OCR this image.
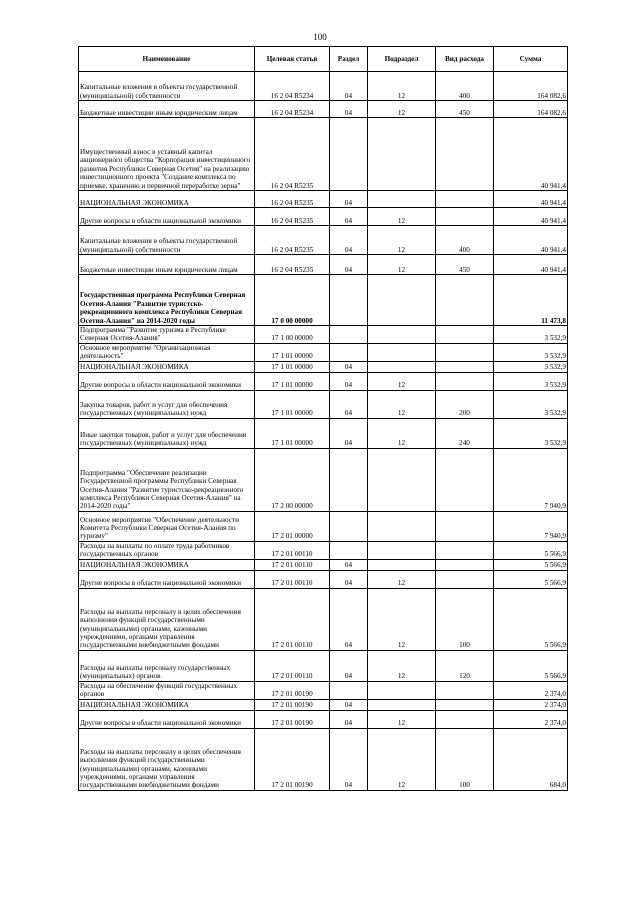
100
Наименование	Целевая статья	Раздел	Подраздел	Вид расхода	Сумма
Капитальные вложения в объекты государственной (муниципальной) собственности	16 2 04 R5234	04	12	400	164 082,6
Бюджетные инвестиции иным юридическим лицам	16 2 04 R5234	04	12	450	164 082,6
Имущественный взнос в уставный капитал акционерного общества "Корпорация инвестиционного развития Республики Северная Осетия" на реализацию инвестиционного проекта "Создание комплекса по приемке, хранению и первичной переработке зерна"	16 2 04 R5235				40 941,4
НАЦИОНАЛЬНАЯ ЭКОНОМИКА	16 2 04 R5235	04			40 941,4
Другие вопросы в области национальной экономики	16 2 04 R5235	04	12		40 941,4
Капитальные вложения в объекты государственной (муниципальной) собственности	16 2 04 R5235	04	12	400	40 941,4
Бюджетные инвестиции иным юридическим лицам	16 2 04 R5235	04	12	450	40 941,4
Государственная программа Республики Северная Осетия-Алания "Развитие туристско-рекреационного комплекса Республики Северная Осетия-Алания" на 2014-2020 годы	17 0 00 00000				11 473,8
Подпрограмма "Развитие туризма в Республике Северная Осетия-Алания"	17 1 00 00000				3 532,9
Основное мероприятие "Организационная деятельность"	17 1 01 00000				3 532,9
НАЦИОНАЛЬНАЯ ЭКОНОМИКА	17 1 01 00000	04			3 532,9
Другие вопросы в области национальной экономики	17 1 01 00000	04	12		3 532,9
Закупка товаров, работ и услуг для обеспечения государственных (муниципальных) нужд	17 1 01 00000	04	12	200	3 532,9
Иные закупки товаров, работ и услуг для обеспечения государственных (муниципальных) нужд	17 1 01 00000	04	12	240	3 532,9
Подпрограмма "Обеспечение реализации Государственной программы Республики Северная Осетия-Алания "Развитие туристско-рекреационного комплекса Республики Северная Осетия-Алания" на 2014-2020 годы"	17 2 00 00000				7 940,9
Основное мероприятие "Обеспечение деятельности Комитета Республики Северная Осетия-Алания по туризму"	17 2 01 00000				7 940,9
Расходы на выплаты по оплате труда работников государственных органов	17 2 01 00110				5 566,9
НАЦИОНАЛЬНАЯ ЭКОНОМИКА	17 2 01 00110	04			5 566,9
Другие вопросы в области национальной экономики	17 2 01 00110	04	12		5 566,9
Расходы на выплаты персоналу в целях обеспечения выполнения функций государственными (муниципальными) органами, казенными учреждениями, органами управления государственными внебюджетными фондами	17 2 01 00110	04	12	100	5 566,9
Расходы на выплаты персоналу государственных (муниципальных) органов	17 2 01 00110	04	12	120	5 566,9
Расходы на обеспечение функций государственных органов	17 2 01 00190				2 374,0
НАЦИОНАЛЬНАЯ ЭКОНОМИКА	17 2 01 00190	04			2 374,0
Другие вопросы в области национальной экономики	17 2 01 00190	04	12		2 374,0
Расходы на выплаты персоналу в целях обеспечения выполнения функций государственными (муниципальными) органами, казенными учреждениями, органами управления государственными внебюджетными фондами	17 2 01 00190	04	12	100	684,0
